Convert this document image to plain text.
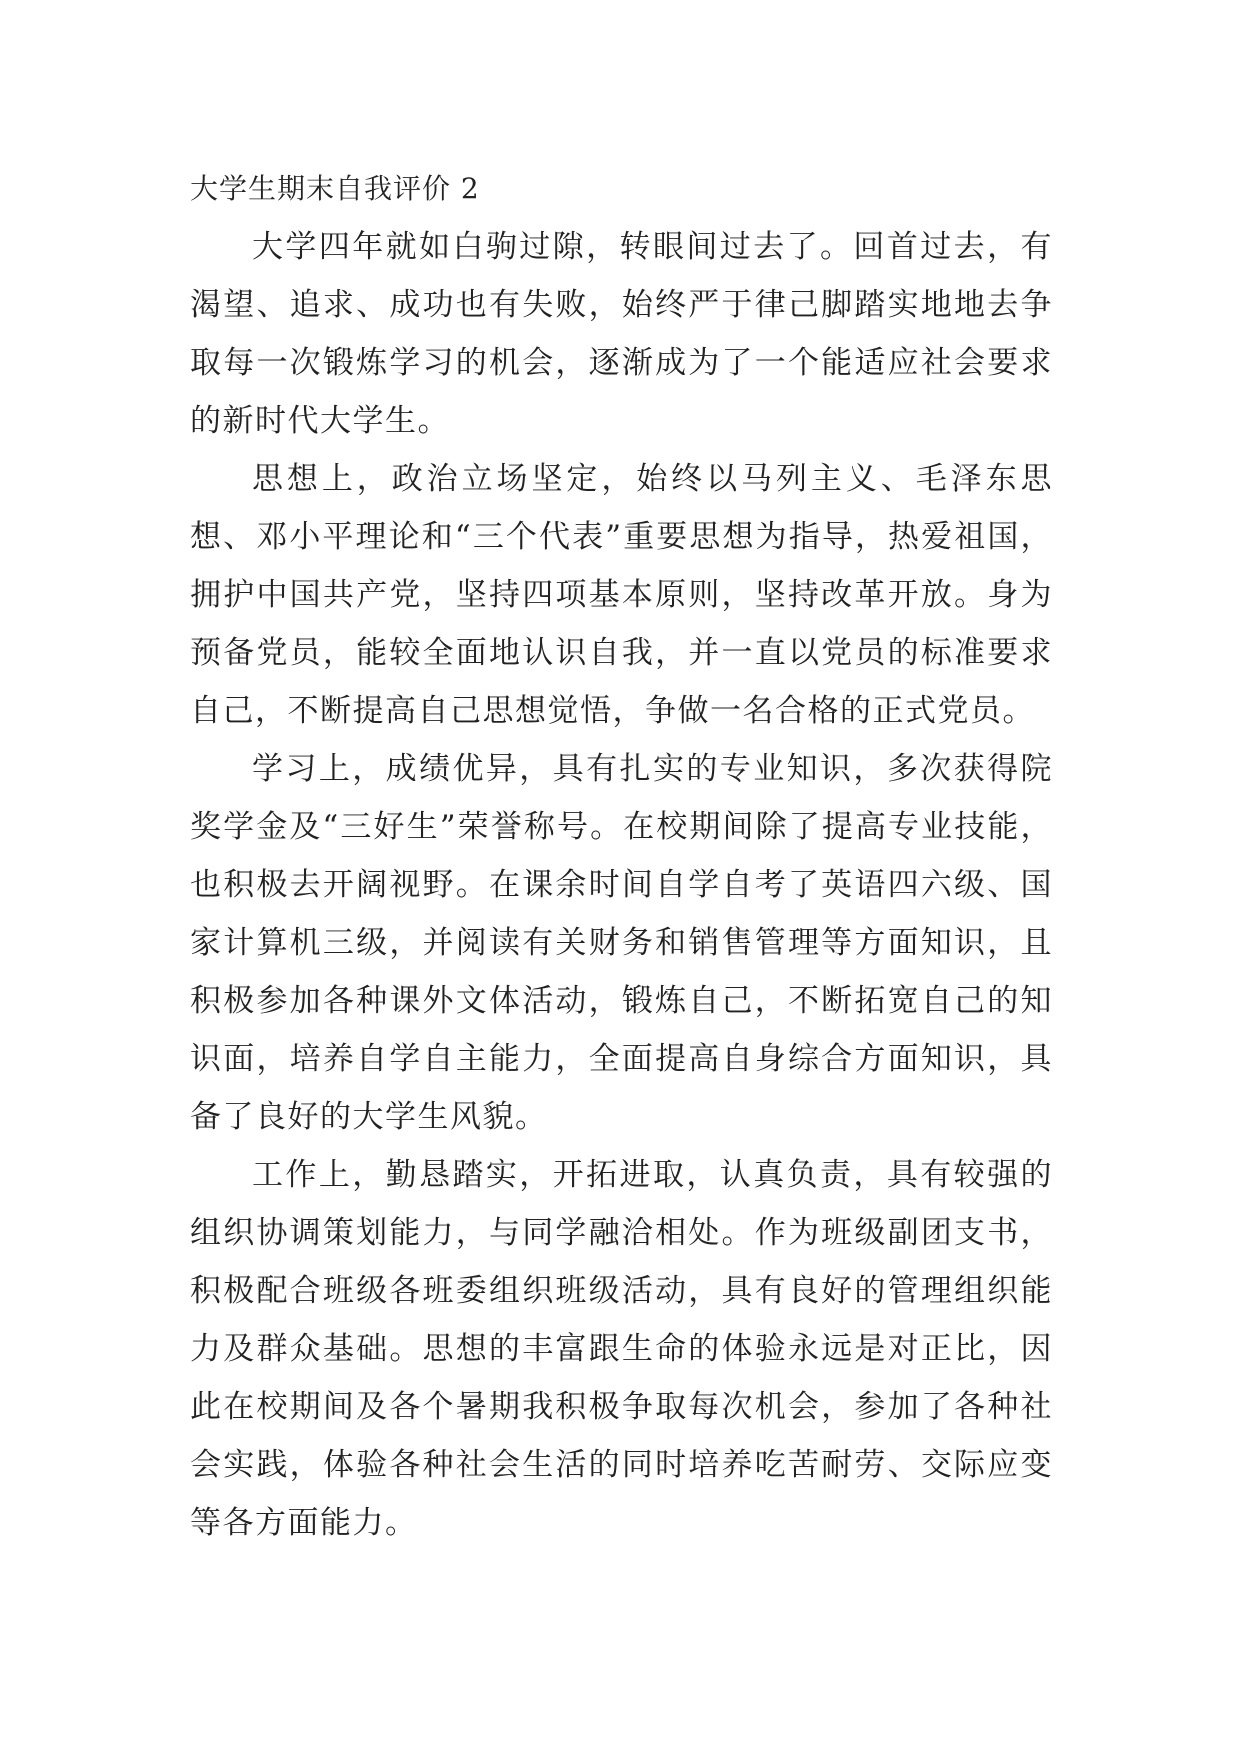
大学生期末自我评价 2

大学四年就如白驹过隙，转眼间过去了。回首过去，有渴望、追求、成功也有失败，始终严于律己脚踏实地地去争取每一次锻炼学习的机会，逐渐成为了一个能适应社会要求的新时代大学生。

思想上，政治立场坚定，始终以马列主义、毛泽东思想、邓小平理论和“三个代表”重要思想为指导，热爱祖国，拥护中国共产党，坚持四项基本原则，坚持改革开放。身为预备党员，能较全面地认识自我，并一直以党员的标准要求自己，不断提高自己思想觉悟，争做一名合格的正式党员。

学习上，成绩优异，具有扎实的专业知识，多次获得院奖学金及“三好生”荣誉称号。在校期间除了提高专业技能，也积极去开阔视野。在课余时间自学自考了英语四六级、国家计算机三级，并阅读有关财务和销售管理等方面知识，且积极参加各种课外文体活动，锻炼自己，不断拓宽自己的知识面，培养自学自主能力，全面提高自身综合方面知识，具备了良好的大学生风貌。

工作上，勤恳踏实，开拓进取，认真负责，具有较强的组织协调策划能力，与同学融洽相处。作为班级副团支书，积极配合班级各班委组织班级活动，具有良好的管理组织能力及群众基础。思想的丰富跟生命的体验永远是对正比，因此在校期间及各个暑期我积极争取每次机会，参加了各种社会实践，体验各种社会生活的同时培养吃苦耐劳、交际应变等各方面能力。
